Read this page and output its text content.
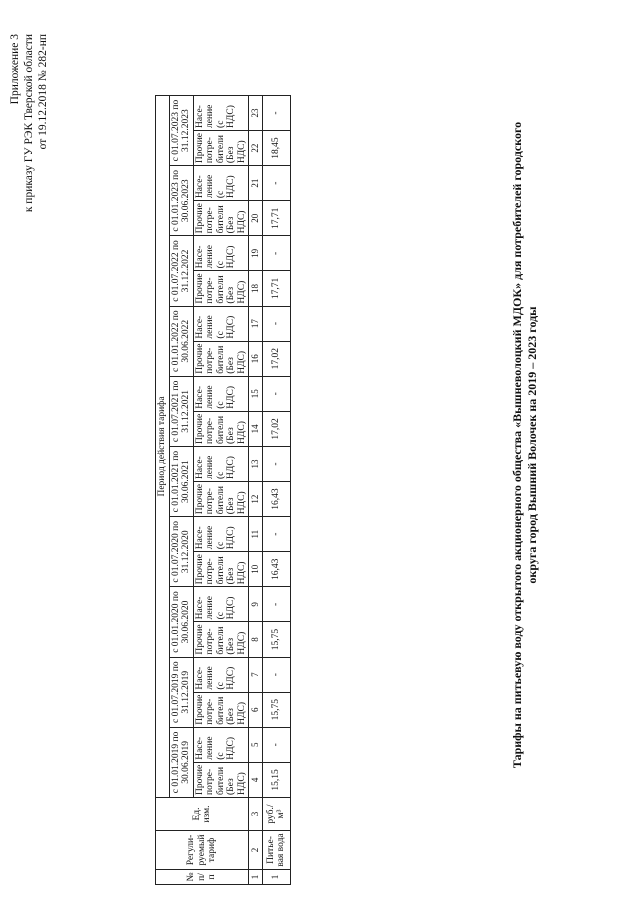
Приложение 3 к приказу ГУ РЭК Тверской области от 19.12.2018 № 282-нп
Тарифы на питьевую воду открытого акционерного общества «Вышневолоцкий МДОК» для потребителей городского округа город Вышний Волочек на 2019 – 2023 годы
№ п/ п	Регули-руемый тариф	Ед. изм.	Период действия тарифа																			
			с 01.01.2019 по 30.06.2019		с 01.07.2019 по 31.12.2019		с 01.01.2020 по 30.06.2020		с 01.07.2020 по 31.12.2020		с 01.01.2021 по 30.06.2021		с 01.07.2021 по 31.12.2021		с 01.01.2022 по 30.06.2022		с 01.07.2022 по 31.12.2022		с 01.01.2023 по 30.06.2023		с 01.07.2023 по 31.12.2023	
			Прочие потре-бители (Без НДС)	Насе-ление (с НДС)	Прочие потре-бители (Без НДС)	Насе-ление (с НДС)	Прочие потре-бители (Без НДС)	Насе-ление (с НДС)	Прочие потре-бители (Без НДС)	Насе-ление (с НДС)	Прочие потре-бители (Без НДС)	Насе-ление (с НДС)	Прочие потре-бители (Без НДС)	Насе-ление (с НДС)	Прочие потре-бители (Без НДС)	Насе-ление (с НДС)	Прочие потре-бители (Без НДС)	Насе-ление (с НДС)	Прочие потре-бители (Без НДС)	Насе-ление (с НДС)	Прочие потре-бители (Без НДС)	Насе-ление (с НДС)
1	2	3	4	5	6	7	8	9	10	11	12	13	14	15	16	17	18	19	20	21	22	23
1	Питье-вая вода	руб./ м³	15,15	-	15,75	-	15,75	-	16,43	-	16,43	-	17,02	-	17,02	-	17,71	-	17,71	-	18,45	-
